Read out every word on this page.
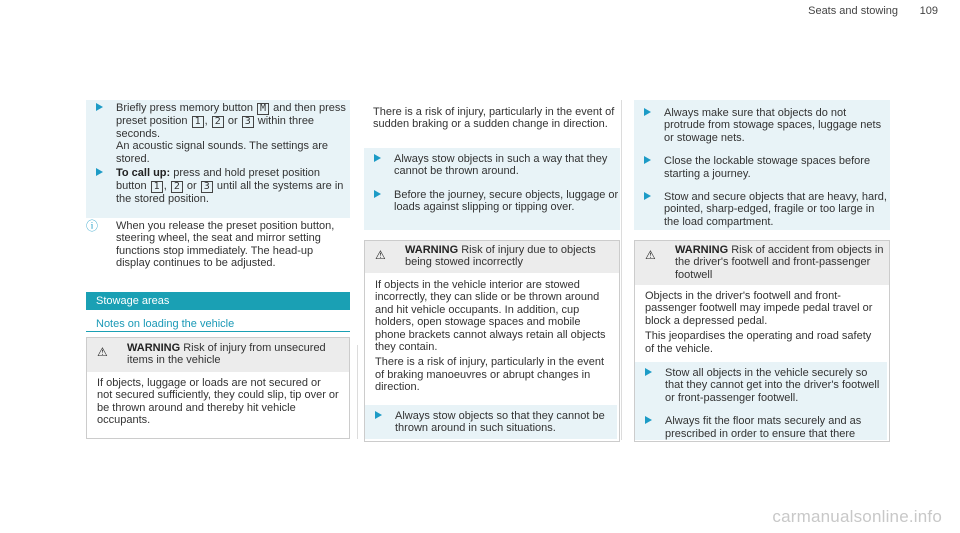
Seats and stowing 109

Briefly press memory button M and then press preset position 1 , 2 or 3 within three seconds.
An acoustic signal sounds. The settings are stored.

To call up: press and hold preset position button 1 , 2 or 3 until all the systems are in the stored position.

ⓘ When you release the preset position button, steering wheel, the seat and mirror setting functions stop immediately. The head-up display continues to be adjusted.
Stowage areas
Notes on loading the vehicle
⚠ WARNING Risk of injury from unsecured items in the vehicle
If objects, luggage or loads are not secured or not secured sufficiently, they could slip, tip over or be thrown around and thereby hit vehicle occupants.
There is a risk of injury, particularly in the event of sudden braking or a sudden change in direction.

Always stow objects in such a way that they cannot be thrown around.

Before the journey, secure objects, luggage or loads against slipping or tipping over.

⚠ WARNING Risk of injury due to objects being stowed incorrectly
If objects in the vehicle interior are stowed incorrectly, they can slide or be thrown around and hit vehicle occupants. In addition, cup holders, open stowage spaces and mobile phone brackets cannot always retain all objects they contain.
There is a risk of injury, particularly in the event of braking manoeuvres or abrupt changes in direction.

Always stow objects so that they cannot be thrown around in such situations.

Always make sure that objects do not protrude from stowage spaces, luggage nets or stowage nets.

Close the lockable stowage spaces before starting a journey.

Stow and secure objects that are heavy, hard, pointed, sharp-edged, fragile or too large in the load compartment.

⚠ WARNING Risk of accident from objects in the driver's footwell and front-passenger footwell
Objects in the driver's footwell and front-passenger footwell may impede pedal travel or block a depressed pedal.
This jeopardises the operating and road safety of the vehicle.

Stow all objects in the vehicle securely so that they cannot get into the driver's footwell or front-passenger footwell.

Always fit the floor mats securely and as prescribed in order to ensure that there

carmanualsonline.info
